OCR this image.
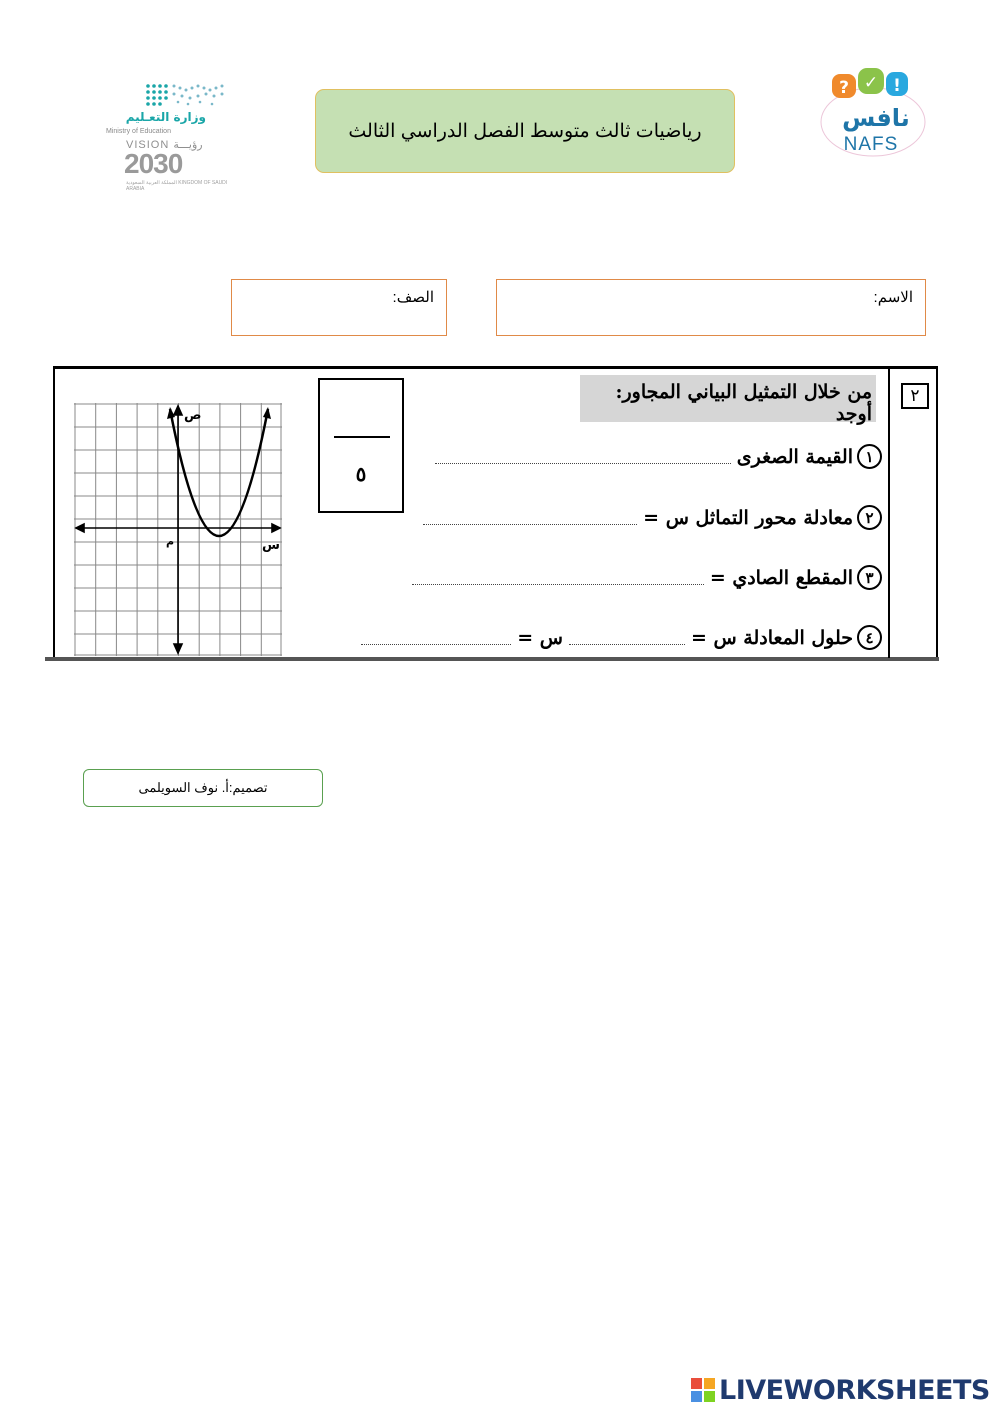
وزارة التعـليم
Ministry of Education
VISION رؤيـــة
2030
المملكة العربية السعودية KINGDOM OF SAUDI ARABIA
رياضيات ثالث متوسط الفصل الدراسي الثالث
? ✓ !
نافس
NAFS
الاسم:
الصف:
٢
من خلال التمثيل البياني المجاور: أوجد
١
القيمة الصغرى
٢
معادلة محور التماثل س =
٣
المقطع الصادي =
٤
حلول المعادلة س =
س =
٥
ص
س
م
تصميم:أ. نوف السويلمى
LIVEWORKSHEETS
